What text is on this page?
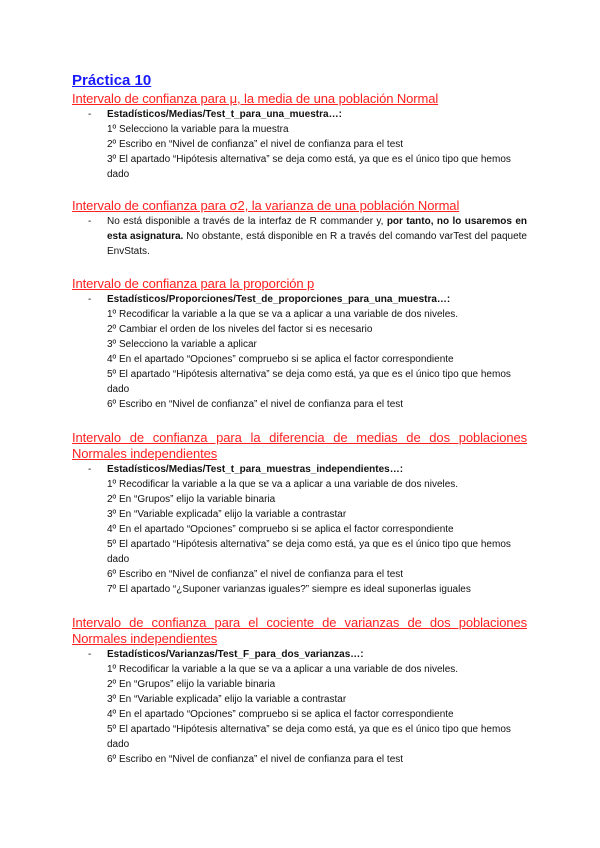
Práctica 10
Intervalo de confianza para μ, la media de una población Normal
- Estadísticos/Medias/Test_t_para_una_muestra…:
1º Selecciono la variable para la muestra
2º Escribo en “Nivel de confianza” el nivel de confianza para el test
3º El apartado “Hipótesis alternativa” se deja como está, ya que es el único tipo que hemos dado
Intervalo de confianza para σ2, la varianza de una población Normal
- No está disponible a través de la interfaz de R commander y, por tanto, no lo usaremos en esta asignatura. No obstante, está disponible en R a través del comando varTest del paquete EnvStats.
Intervalo de confianza para la proporción p
- Estadísticos/Proporciones/Test_de_proporciones_para_una_muestra…:
1º Recodificar la variable a la que se va a aplicar a una variable de dos niveles.
2º Cambiar el orden de los niveles del factor si es necesario
3º Selecciono la variable a aplicar
4º En el apartado “Opciones” compruebo si se aplica el factor correspondiente
5º El apartado “Hipótesis alternativa” se deja como está, ya que es el único tipo que hemos dado
6º Escribo en “Nivel de confianza” el nivel de confianza para el test
Intervalo de confianza para la diferencia de medias de dos poblaciones Normales independientes
- Estadísticos/Medias/Test_t_para_muestras_independientes…:
1º Recodificar la variable a la que se va a aplicar a una variable de dos niveles.
2º En “Grupos” elijo la variable binaria
3º En “Variable explicada” elijo la variable a contrastar
4º En el apartado “Opciones” compruebo si se aplica el factor correspondiente
5º El apartado “Hipótesis alternativa” se deja como está, ya que es el único tipo que hemos dado
6º Escribo en “Nivel de confianza” el nivel de confianza para el test
7º El apartado “¿Suponer varianzas iguales?” siempre es ideal suponerlas iguales
Intervalo de confianza para el cociente de varianzas de dos poblaciones Normales independientes
- Estadísticos/Varianzas/Test_F_para_dos_varianzas…:
1º Recodificar la variable a la que se va a aplicar a una variable de dos niveles.
2º En “Grupos” elijo la variable binaria
3º En “Variable explicada” elijo la variable a contrastar
4º En el apartado “Opciones” compruebo si se aplica el factor correspondiente
5º El apartado “Hipótesis alternativa” se deja como está, ya que es el único tipo que hemos dado
6º Escribo en “Nivel de confianza” el nivel de confianza para el test
